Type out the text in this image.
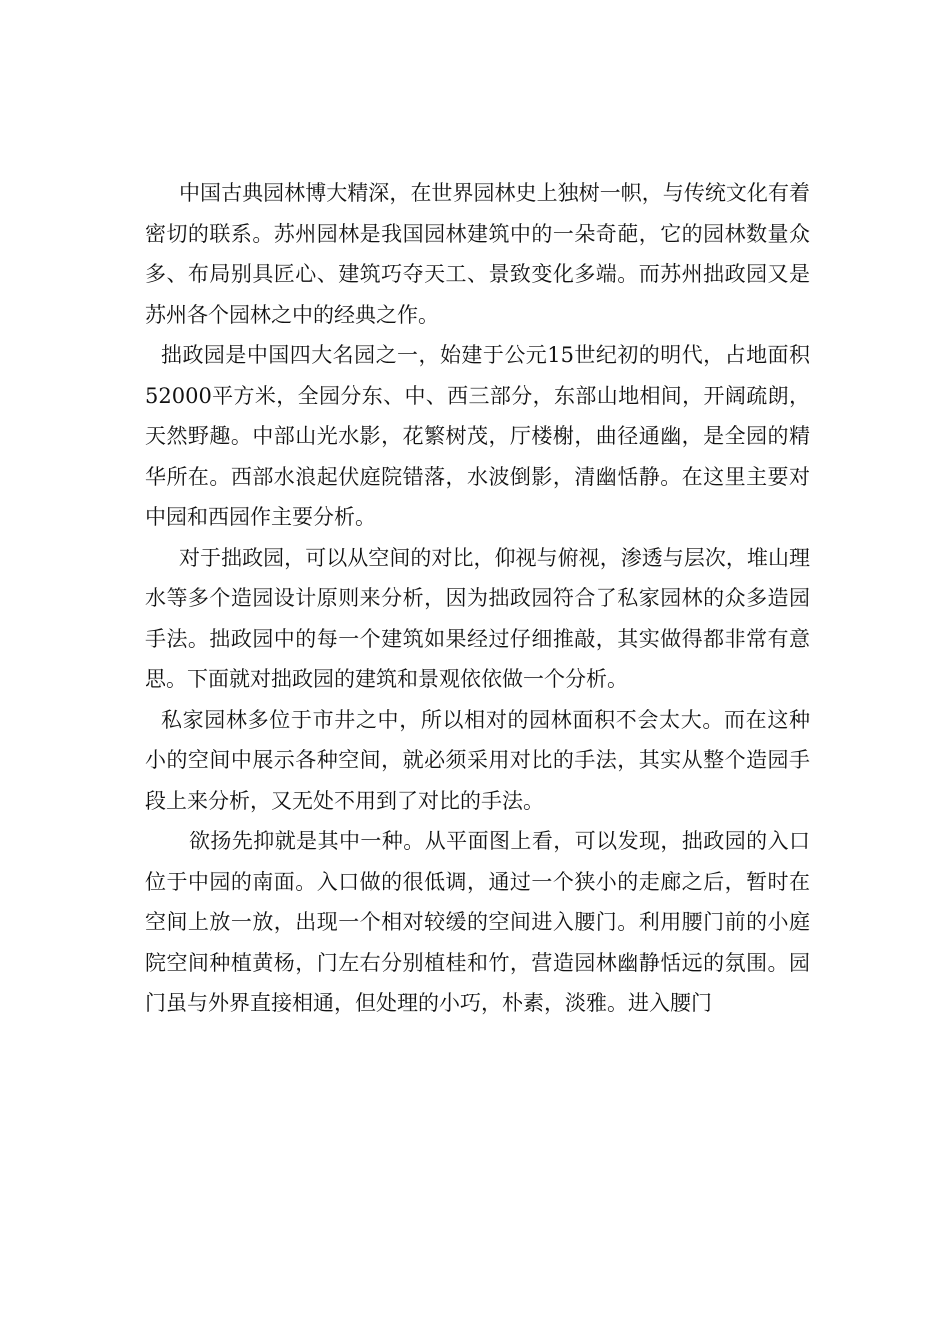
中国古典园林博大精深，在世界园林史上独树一帜，与传统文化有着密切的联系。苏州园林是我国园林建筑中的一朵奇葩，它的园林数量众多、布局别具匠心、建筑巧夺天工、景致变化多端。而苏州拙政园又是苏州各个园林之中的经典之作。

拙政园是中国四大名园之一，始建于公元15世纪初的明代，占地面积52000平方米，全园分东、中、西三部分，东部山地相间，开阔疏朗，天然野趣。中部山光水影，花繁树茂，厅楼榭，曲径通幽，是全园的精华所在。西部水浪起伏庭院错落，水波倒影，清幽恬静。在这里主要对中园和西园作主要分析。

对于拙政园，可以从空间的对比，仰视与俯视，渗透与层次，堆山理水等多个造园设计原则来分析，因为拙政园符合了私家园林的众多造园手法。拙政园中的每一个建筑如果经过仔细推敲，其实做得都非常有意思。下面就对拙政园的建筑和景观依依做一个分析。

私家园林多位于市井之中，所以相对的园林面积不会太大。而在这种小的空间中展示各种空间，就必须采用对比的手法，其实从整个造园手段上来分析，又无处不用到了对比的手法。

欲扬先抑就是其中一种。从平面图上看，可以发现，拙政园的入口位于中园的南面。入口做的很低调，通过一个狭小的走廊之后，暂时在空间上放一放，出现一个相对较缓的空间进入腰门。利用腰门前的小庭院空间种植黄杨，门左右分别植桂和竹，营造园林幽静恬远的氛围。园门虽与外界直接相通，但处理的小巧，朴素，淡雅。进入腰门
